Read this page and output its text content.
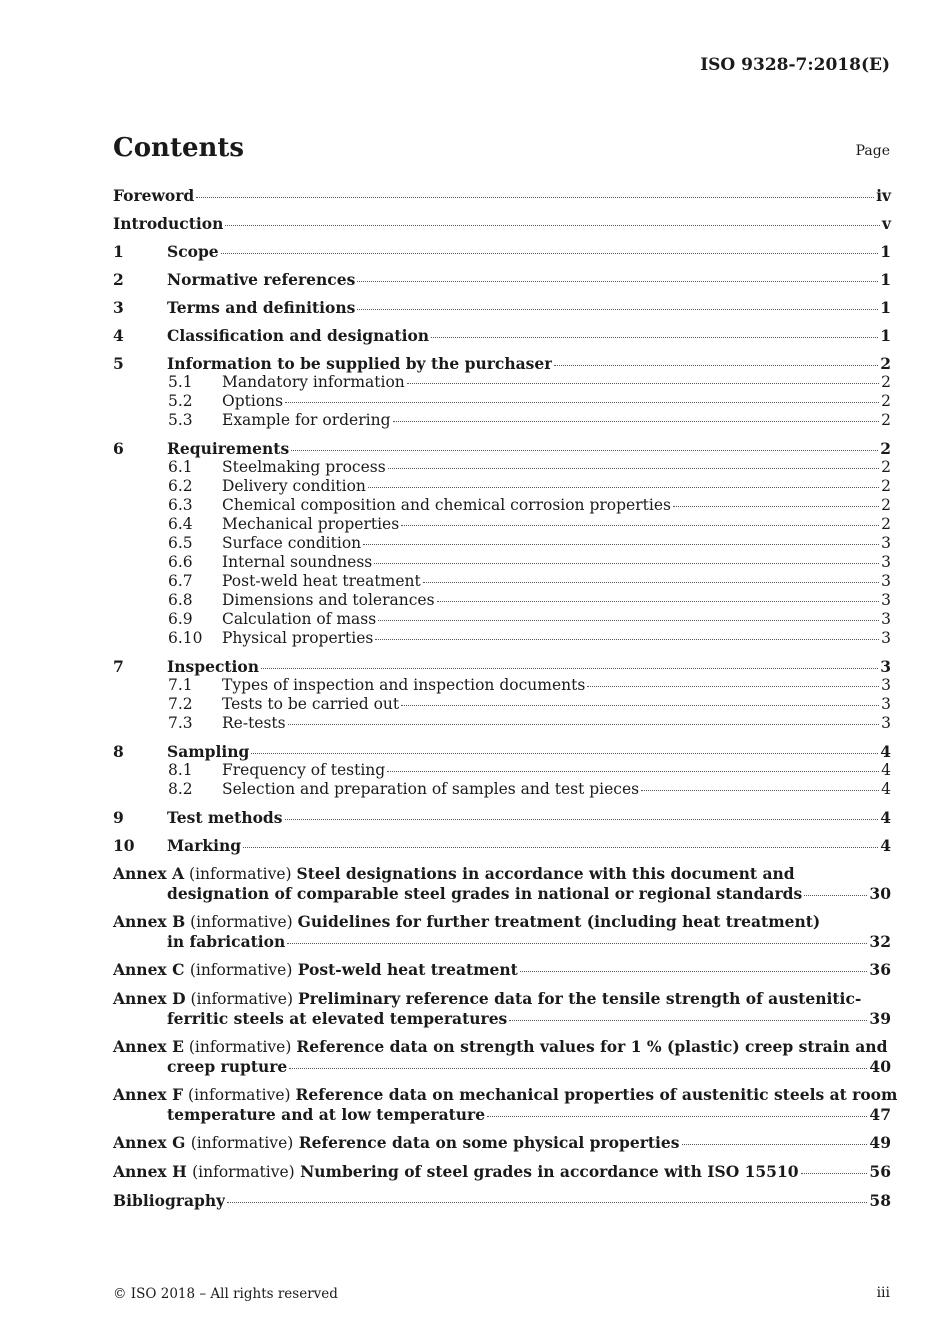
ISO 9328-7:2018(E)
Contents	Page
Foreword	iv
Introduction	v
1	Scope	1
2	Normative references	1
3	Terms and definitions	1
4	Classification and designation	1
5	Information to be supplied by the purchaser	2
5.1	Mandatory information	2
5.2	Options	2
5.3	Example for ordering	2
6	Requirements	2
6.1	Steelmaking process	2
6.2	Delivery condition	2
6.3	Chemical composition and chemical corrosion properties	2
6.4	Mechanical properties	2
6.5	Surface condition	3
6.6	Internal soundness	3
6.7	Post-weld heat treatment	3
6.8	Dimensions and tolerances	3
6.9	Calculation of mass	3
6.10	Physical properties	3
7	Inspection	3
7.1	Types of inspection and inspection documents	3
7.2	Tests to be carried out	3
7.3	Re-tests	3
8	Sampling	4
8.1	Frequency of testing	4
8.2	Selection and preparation of samples and test pieces	4
9	Test methods	4
10	Marking	4
Annex A (informative) Steel designations in accordance with this document and
designation of comparable steel grades in national or regional standards	30
Annex B (informative) Guidelines for further treatment (including heat treatment)
in fabrication	32
Annex C (informative) Post-weld heat treatment	36
Annex D (informative) Preliminary reference data for the tensile strength of austenitic-
ferritic steels at elevated temperatures	39
Annex E (informative) Reference data on strength values for 1 % (plastic) creep strain and
creep rupture	40
Annex F (informative) Reference data on mechanical properties of austenitic steels at room
temperature and at low temperature	47
Annex G (informative) Reference data on some physical properties	49
Annex H (informative) Numbering of steel grades in accordance with ISO 15510	56
Bibliography	58
© ISO 2018 – All rights reserved	iii
